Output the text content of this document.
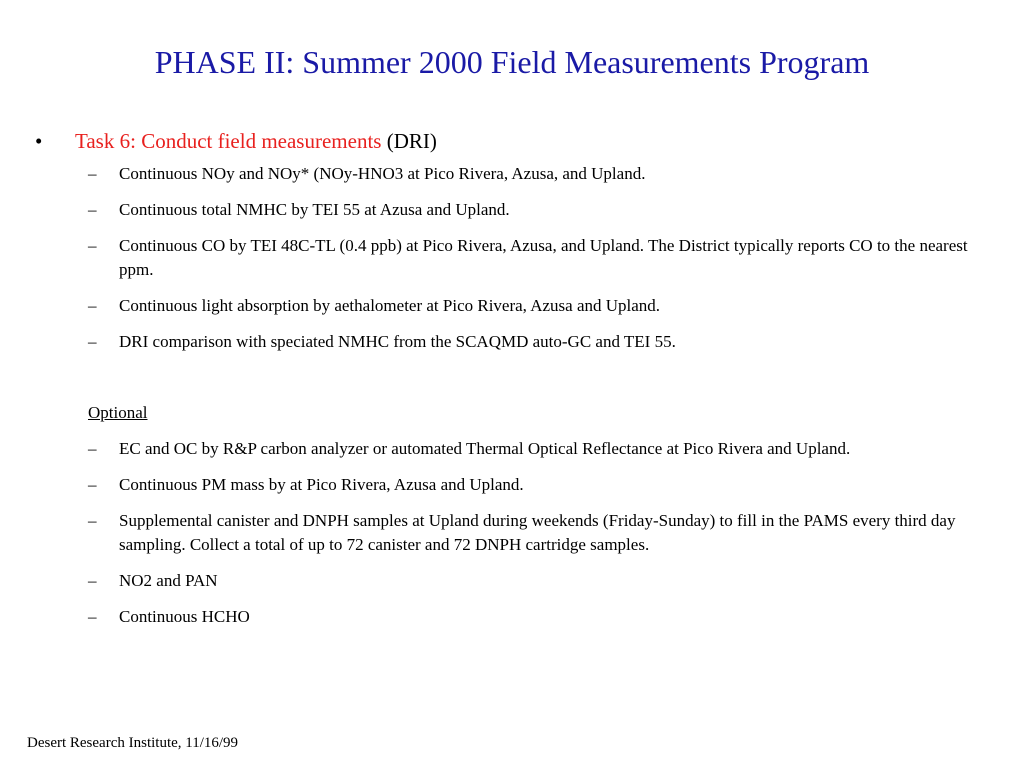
PHASE II: Summer 2000 Field Measurements Program
• Task 6: Conduct field measurements (DRI)
– Continuous NOy and NOy* (NOy-HNO3 at Pico Rivera, Azusa, and Upland.
– Continuous total NMHC by TEI 55 at Azusa and Upland.
– Continuous CO by TEI 48C-TL (0.4 ppb) at Pico Rivera, Azusa, and Upland. The District typically reports CO to the nearest ppm.
– Continuous light absorption by aethalometer at Pico Rivera, Azusa and Upland.
– DRI comparison with speciated NMHC from the SCAQMD auto-GC and TEI 55.
Optional
– EC and OC by R&P carbon analyzer or automated Thermal Optical Reflectance at Pico Rivera and Upland.
– Continuous PM mass by at Pico Rivera, Azusa and Upland.
– Supplemental canister and DNPH samples at Upland during weekends (Friday-Sunday) to fill in the PAMS every third day sampling. Collect a total of up to 72 canister and 72 DNPH cartridge samples.
– NO2 and PAN
– Continuous HCHO
Desert Research Institute, 11/16/99
